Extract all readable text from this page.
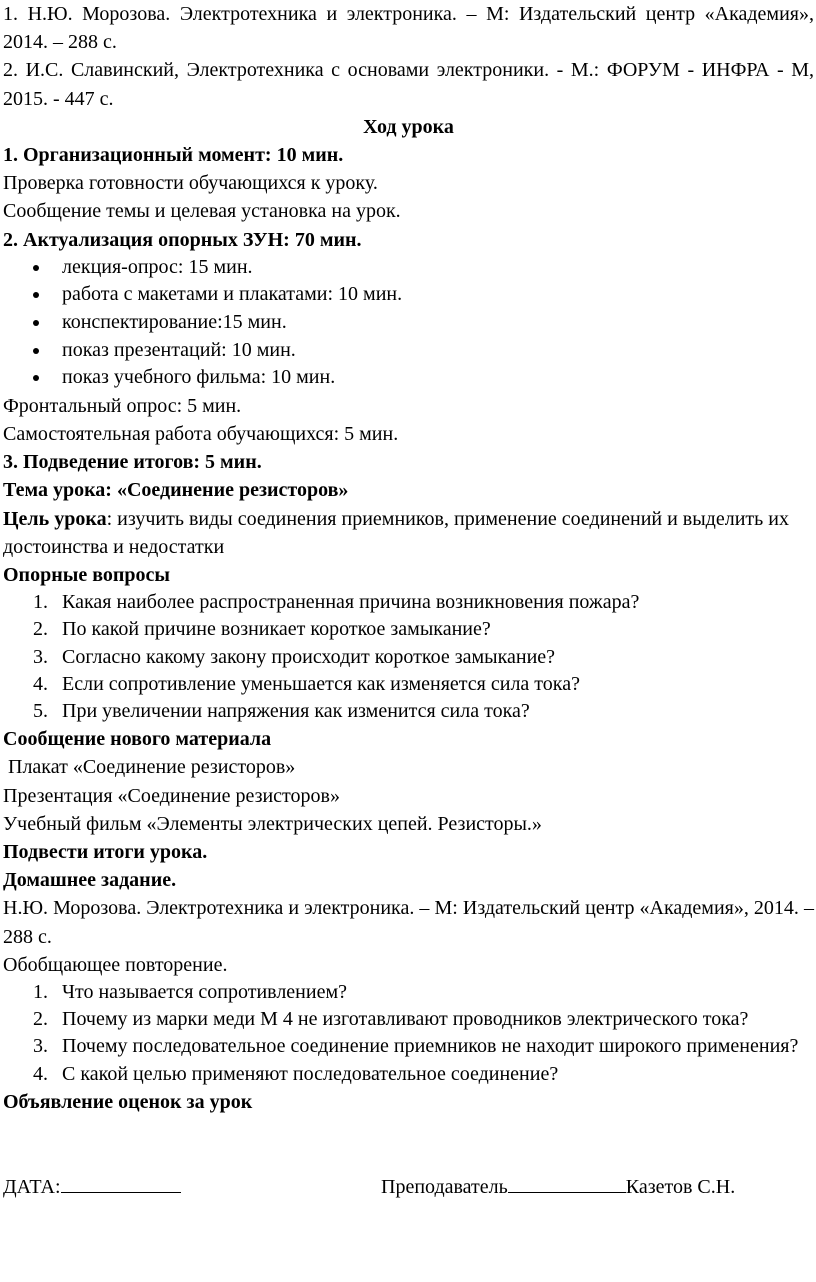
1. Н.Ю. Морозова. Электротехника и электроника. – М: Издательский центр «Академия», 2014. – 288 с.

2. И.С. Славинский, Электротехника с основами электроники. - М.: ФОРУМ - ИНФРА - М, 2015. - 447 с.

Ход урока

1. Организационный момент: 10 мин.

Проверка готовности обучающихся к уроку.

Сообщение темы и целевая установка на урок.

2. Актуализация опорных ЗУН: 70 мин.

лекция-опрос: 15 мин.
работа с макетами и плакатами: 10 мин.
конспектирование:15 мин.
показ презентаций: 10 мин.
показ учебного фильма: 10 мин.

Фронтальный опрос: 5 мин.

Самостоятельная работа обучающихся: 5 мин.

3. Подведение итогов: 5 мин.

Тема урока: «Соединение резисторов»

Цель урока: изучить виды соединения приемников, применение соединений и выделить их достоинства и недостатки

Опорные вопросы

1. Какая наиболее распространенная причина возникновения пожара?
2. По какой причине возникает короткое замыкание?
3. Согласно какому закону происходит короткое замыкание?
4. Если сопротивление уменьшается как изменяется сила тока?
5. При увеличении напряжения как изменится сила тока?

Сообщение нового материала

Плакат «Соединение резисторов»

Презентация «Соединение резисторов»

Учебный фильм «Элементы электрических цепей. Резисторы.»

Подвести итоги урока.

Домашнее задание.

Н.Ю. Морозова. Электротехника и электроника. – М: Издательский центр «Академия», 2014. – 288 с.

Обобщающее повторение.

1. Что называется сопротивлением?
2. Почему из марки меди М 4 не изготавливают проводников электрического тока?
3. Почему последовательное соединение приемников не находит широкого применения?
4. С какой целью применяют последовательное соединение?

Объявление оценок за урок

ДАТА:	Преподаватель	Казетов С.Н.
